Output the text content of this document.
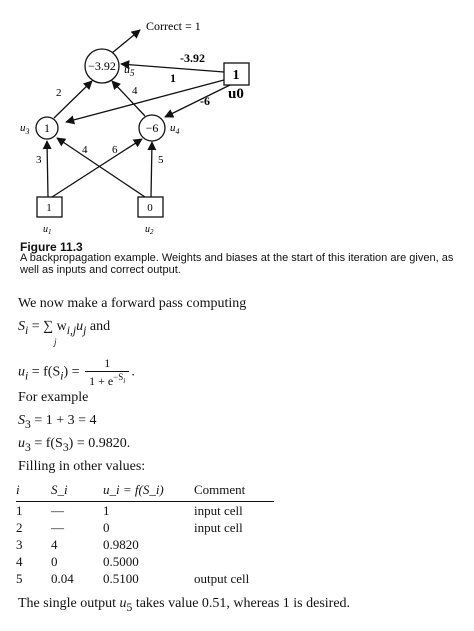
Correct = 1
−3.92 $u_5$	1
u0
-3.92
1
-6
1
$u_3$	−6 $u_4$
2	4
1
$u_1$
0
$u_2$
3
6
4
5
Figure 11.3
A backpropagation example. Weights and biases at the start of this iteration are given, as well as inputs and correct output.
We now make a forward pass computing
$S_i$ = ∑ $w_{i,j}u_j$ and
j
$u_i = f(S_i) = \frac{1}{1 + e^{-S_i}}$ .
For example
$S_3 = 1 + 3 = 4$
$u_3 = f(S_3) = 0.9820$.
Filling in other values:
i	S_i	u_i = f(S_i)	Comment
1	—	1	input cell
2	—	0	input cell
3	4	0.9820	
4	0	0.5000	
5	0.04	0.5100	output cell
The single output $u_5$ takes value 0.51, whereas 1 is desired.
